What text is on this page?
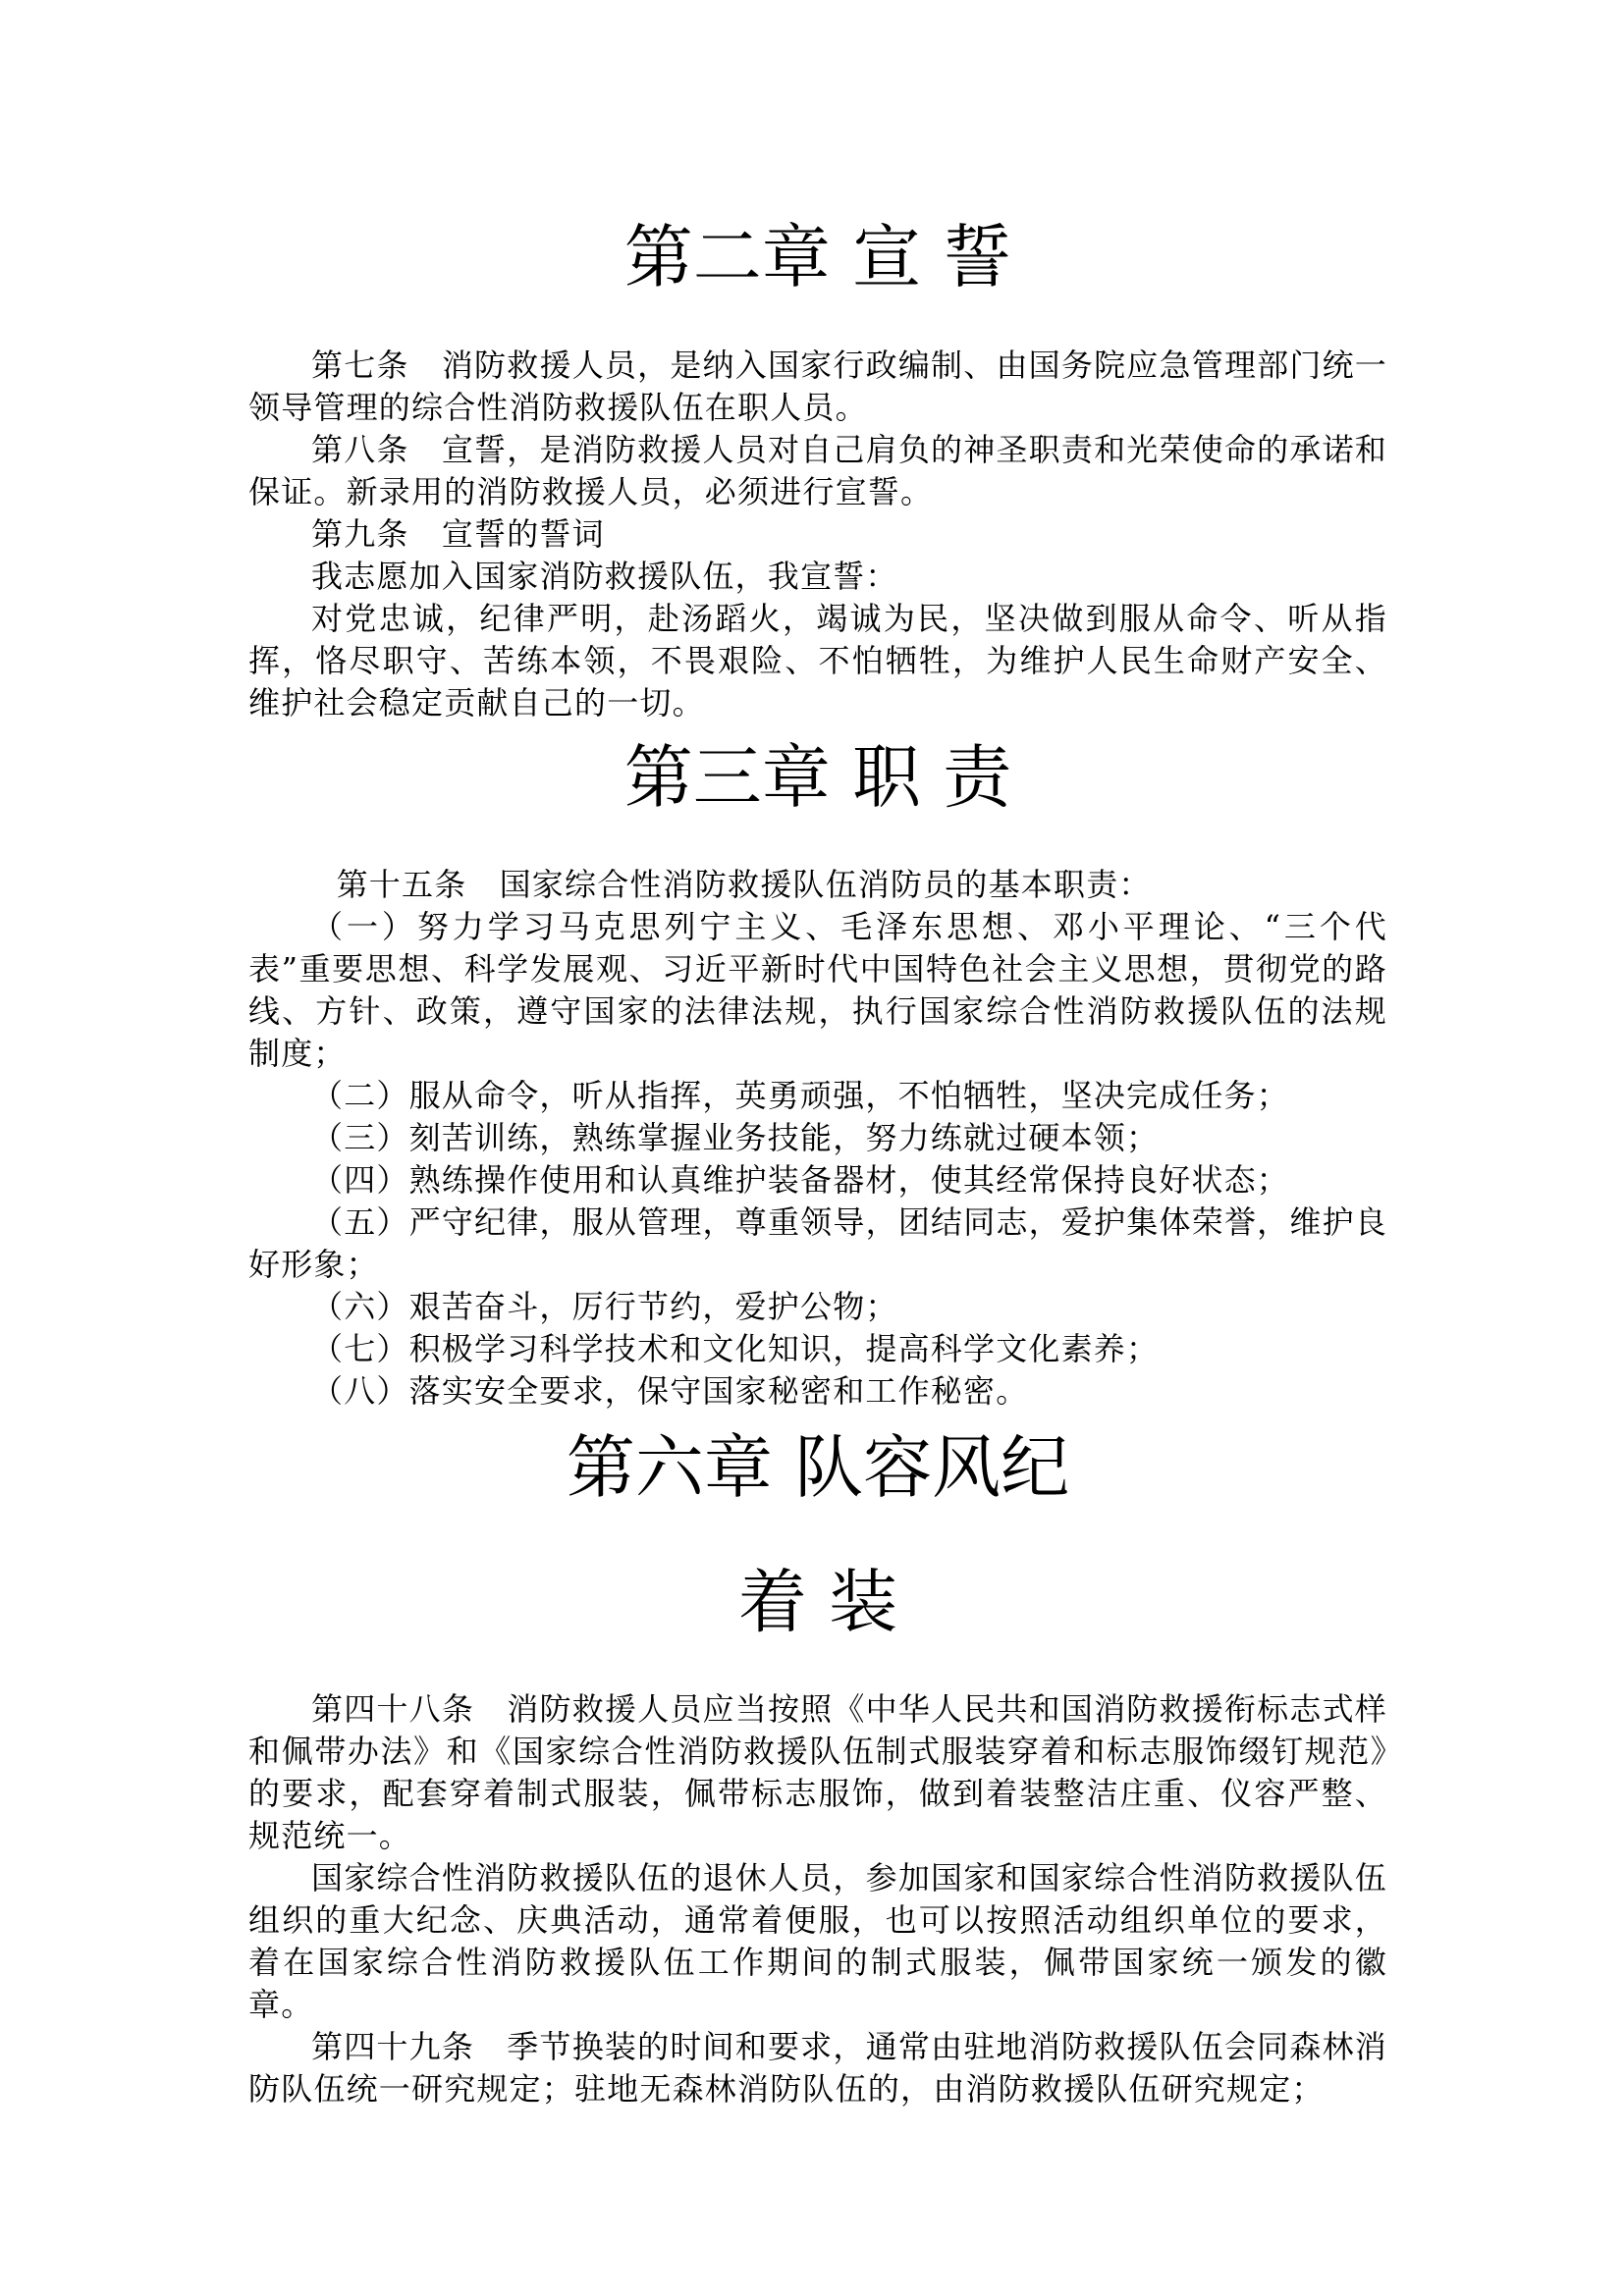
第二章 宣 誓

第七条　消防救援人员，是纳入国家行政编制、由国务院应急管理部门统一领导管理的综合性消防救援队伍在职人员。

第八条　宣誓，是消防救援人员对自己肩负的神圣职责和光荣使命的承诺和保证。新录用的消防救援人员，必须进行宣誓。

第九条　宣誓的誓词

我志愿加入国家消防救援队伍，我宣誓：

对党忠诚，纪律严明，赴汤蹈火，竭诚为民，坚决做到服从命令、听从指挥，恪尽职守、苦练本领，不畏艰险、不怕牺牲，为维护人民生命财产安全、维护社会稳定贡献自己的一切。

第三章 职 责

第十五条　国家综合性消防救援队伍消防员的基本职责：

（一）努力学习马克思列宁主义、毛泽东思想、邓小平理论、“三个代表”重要思想、科学发展观、习近平新时代中国特色社会主义思想，贯彻党的路线、方针、政策，遵守国家的法律法规，执行国家综合性消防救援队伍的法规制度；

（二）服从命令，听从指挥，英勇顽强，不怕牺牲，坚决完成任务；

（三）刻苦训练，熟练掌握业务技能，努力练就过硬本领；

（四）熟练操作使用和认真维护装备器材，使其经常保持良好状态；

（五）严守纪律，服从管理，尊重领导，团结同志，爱护集体荣誉，维护良好形象；

（六）艰苦奋斗，厉行节约，爱护公物；

（七）积极学习科学技术和文化知识，提高科学文化素养；

（八）落实安全要求，保守国家秘密和工作秘密。

第六章 队容风纪
着 装

第四十八条　消防救援人员应当按照《中华人民共和国消防救援衔标志式样和佩带办法》和《国家综合性消防救援队伍制式服装穿着和标志服饰缀钉规范》的要求，配套穿着制式服装，佩带标志服饰，做到着装整洁庄重、仪容严整、规范统一。

国家综合性消防救援队伍的退休人员，参加国家和国家综合性消防救援队伍组织的重大纪念、庆典活动，通常着便服，也可以按照活动组织单位的要求，着在国家综合性消防救援队伍工作期间的制式服装，佩带国家统一颁发的徽章。

第四十九条　季节换装的时间和要求，通常由驻地消防救援队伍会同森林消防队伍统一研究规定；驻地无森林消防队伍的，由消防救援队伍研究规定；
